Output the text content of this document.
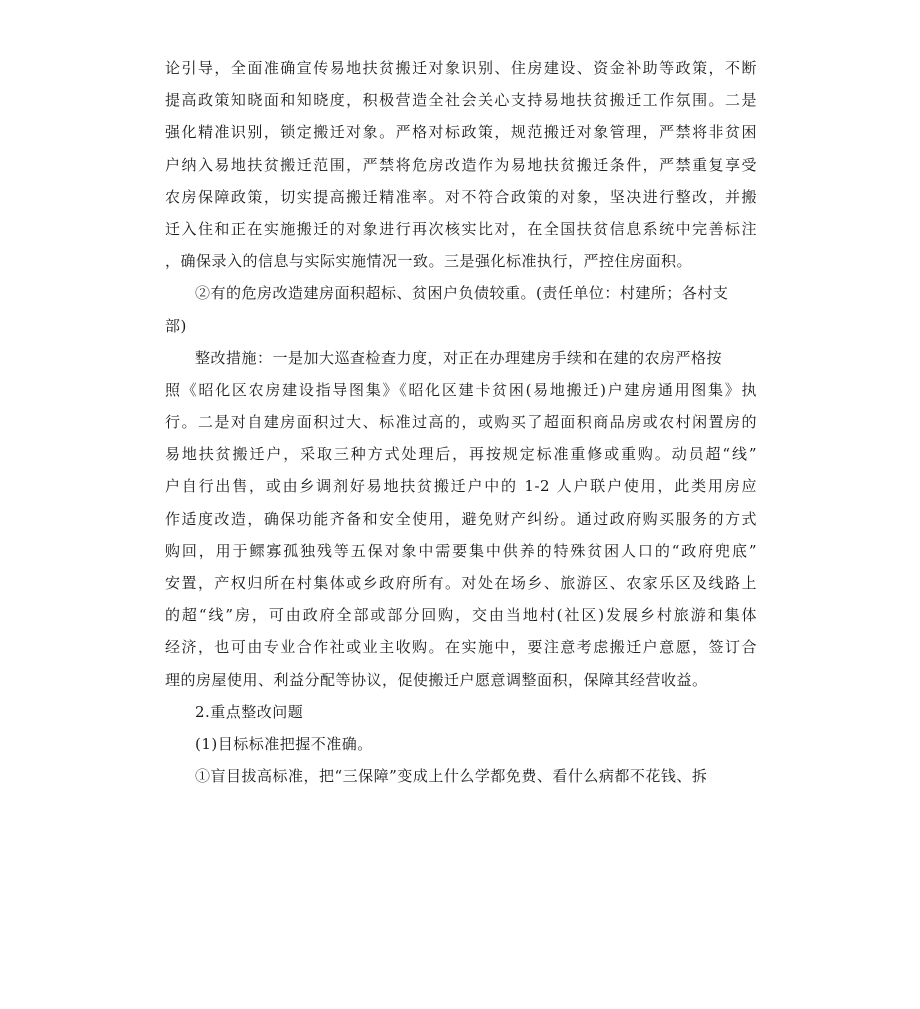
论引导，全面准确宣传易地扶贫搬迁对象识别、住房建设、资金补助等政策，不断
提高政策知晓面和知晓度，积极营造全社会关心支持易地扶贫搬迁工作氛围。二是
强化精准识别，锁定搬迁对象。严格对标政策，规范搬迁对象管理，严禁将非贫困
户纳入易地扶贫搬迁范围，严禁将危房改造作为易地扶贫搬迁条件，严禁重复享受
农房保障政策，切实提高搬迁精准率。对不符合政策的对象，坚决进行整改，并搬
迁入住和正在实施搬迁的对象进行再次核实比对，在全国扶贫信息系统中完善标注
，确保录入的信息与实际实施情况一致。三是强化标准执行，严控住房面积。
②有的危房改造建房面积超标、贫困户负债较重。(责任单位：村建所；各村支
部)
整改措施：一是加大巡查检查力度，对正在办理建房手续和在建的农房严格按
照《昭化区农房建设指导图集》《昭化区建卡贫困(易地搬迁)户建房通用图集》执
行。二是对自建房面积过大、标准过高的，或购买了超面积商品房或农村闲置房的
易地扶贫搬迁户，采取三种方式处理后，再按规定标准重修或重购。动员超“线”
户自行出售，或由乡调剂好易地扶贫搬迁户中的 1-2 人户联户使用，此类用房应
作适度改造，确保功能齐备和安全使用，避免财产纠纷。通过政府购买服务的方式
购回，用于鳏寡孤独残等五保对象中需要集中供养的特殊贫困人口的“政府兜底”
安置，产权归所在村集体或乡政府所有。对处在场乡、旅游区、农家乐区及线路上
的超“线”房，可由政府全部或部分回购，交由当地村(社区)发展乡村旅游和集体
经济，也可由专业合作社或业主收购。在实施中，要注意考虑搬迁户意愿，签订合
理的房屋使用、利益分配等协议，促使搬迁户愿意调整面积，保障其经营收益。
2.重点整改问题
(1)目标标准把握不准确。
①盲目拔高标准，把“三保障”变成上什么学都免费、看什么病都不花钱、拆
